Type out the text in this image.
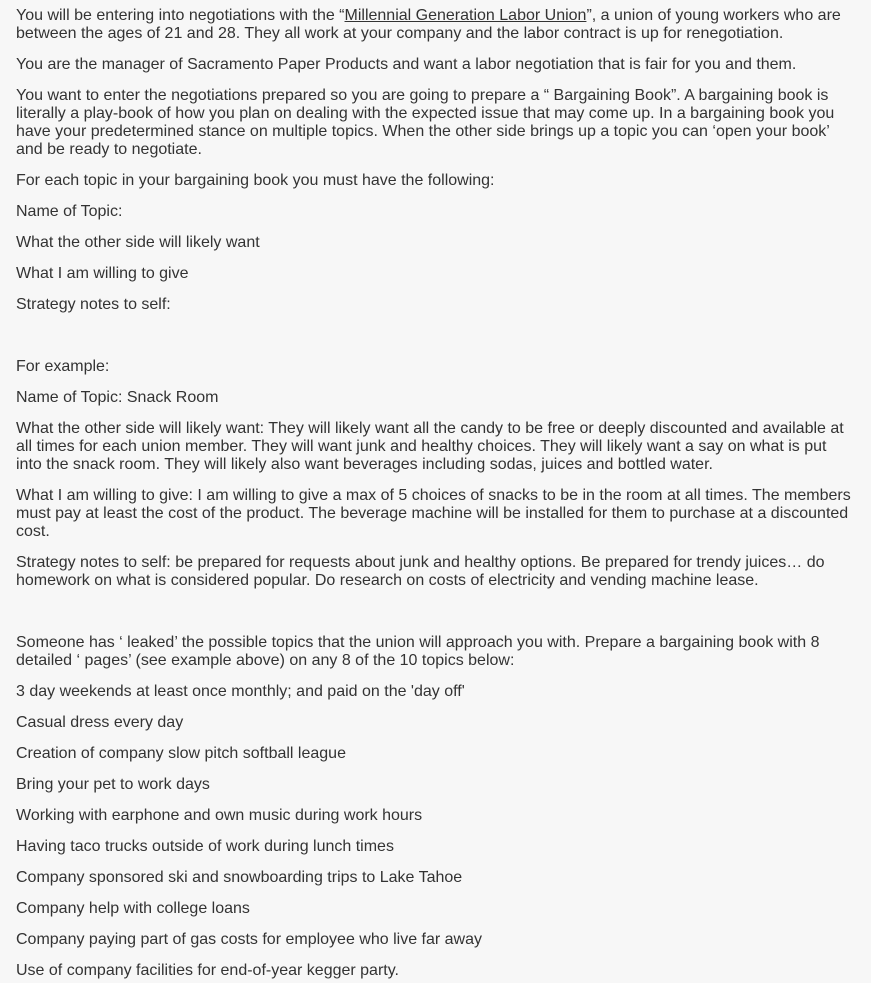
You will be entering into negotiations with the “Millennial Generation Labor Union”, a union of young workers who are between the ages of 21 and 28. They all work at your company and the labor contract is up for renegotiation.

You are the manager of Sacramento Paper Products and want a labor negotiation that is fair for you and them.

You want to enter the negotiations prepared so you are going to prepare a “ Bargaining Book”. A bargaining book is literally a play-book of how you plan on dealing with the expected issue that may come up. In a bargaining book you have your predetermined stance on multiple topics. When the other side brings up a topic you can ‘open your book’ and be ready to negotiate.

For each topic in your bargaining book you must have the following:

Name of Topic:

What the other side will likely want

What I am willing to give

Strategy notes to self:

For example:

Name of Topic: Snack Room

What the other side will likely want: They will likely want all the candy to be free or deeply discounted and available at all times for each union member. They will want junk and healthy choices. They will likely want a say on what is put into the snack room. They will likely also want beverages including sodas, juices and bottled water.

What I am willing to give: I am willing to give a max of 5 choices of snacks to be in the room at all times. The members must pay at least the cost of the product. The beverage machine will be installed for them to purchase at a discounted cost.

Strategy notes to self: be prepared for requests about junk and healthy options. Be prepared for trendy juices… do homework on what is considered popular. Do research on costs of electricity and vending machine lease.

Someone has ‘ leaked’ the possible topics that the union will approach you with. Prepare a bargaining book with 8 detailed ‘ pages’ (see example above) on any 8 of the 10 topics below:

3 day weekends at least once monthly; and paid on the 'day off'

Casual dress every day

Creation of company slow pitch softball league

Bring your pet to work days

Working with earphone and own music during work hours

Having taco trucks outside of work during lunch times

Company sponsored ski and snowboarding trips to Lake Tahoe

Company help with college loans

Company paying part of gas costs for employee who live far away

Use of company facilities for end-of-year kegger party.
